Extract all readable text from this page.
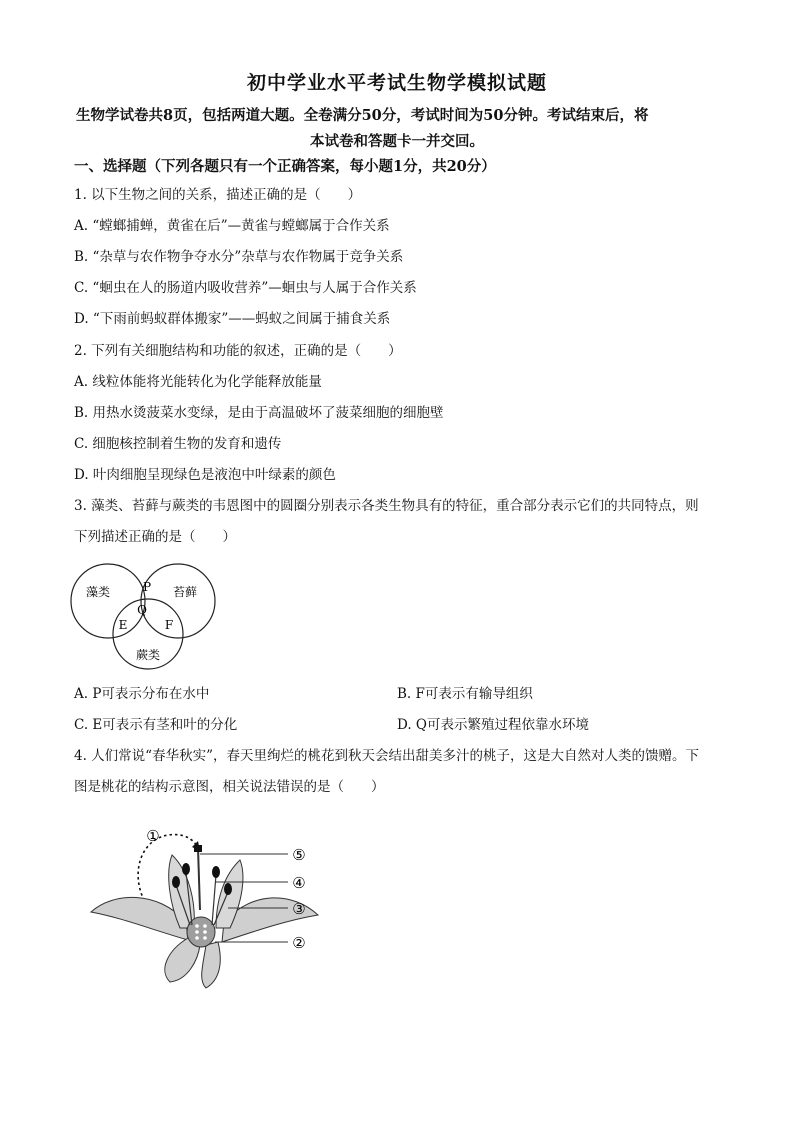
初中学业水平考试生物学模拟试题
生物学试卷共8页，包括两道大题。全卷满分50分，考试时间为50分钟。考试结束后，将
本试卷和答题卡一并交回。
一、选择题（下列各题只有一个正确答案，每小题1分，共20分）
1. 以下生物之间的关系，描述正确的是（　　）
A. “螳螂捕蝉，黄雀在后”—黄雀与螳螂属于合作关系
B. “杂草与农作物争夺水分”杂草与农作物属于竞争关系
C. “蛔虫在人的肠道内吸收营养”—蛔虫与人属于合作关系
D. “下雨前蚂蚁群体搬家”——蚂蚁之间属于捕食关系
2. 下列有关细胞结构和功能的叙述，正确的是（　　）
A. 线粒体能将光能转化为化学能释放能量
B. 用热水烫菠菜水变绿，是由于高温破坏了菠菜细胞的细胞壁
C. 细胞核控制着生物的发育和遗传
D. 叶肉细胞呈现绿色是液泡中叶绿素的颜色
3. 藻类、苔藓与蕨类的韦恩图中的圆圈分别表示各类生物具有的特征，重合部分表示它们的共同特点，则
下列描述正确的是（　　）
藻类	苔藓
蕨类
P
Q
E	F
A. P可表示分布在水中	B. F可表示有输导组织
C. E可表示有茎和叶的分化	D. Q可表示繁殖过程依靠水环境
4. 人们常说“春华秋实”，春天里绚烂的桃花到秋天会结出甜美多汁的桃子，这是大自然对人类的馈赠。下
图是桃花的结构示意图，相关说法错误的是（　　）
①
⑤
④
③
②
